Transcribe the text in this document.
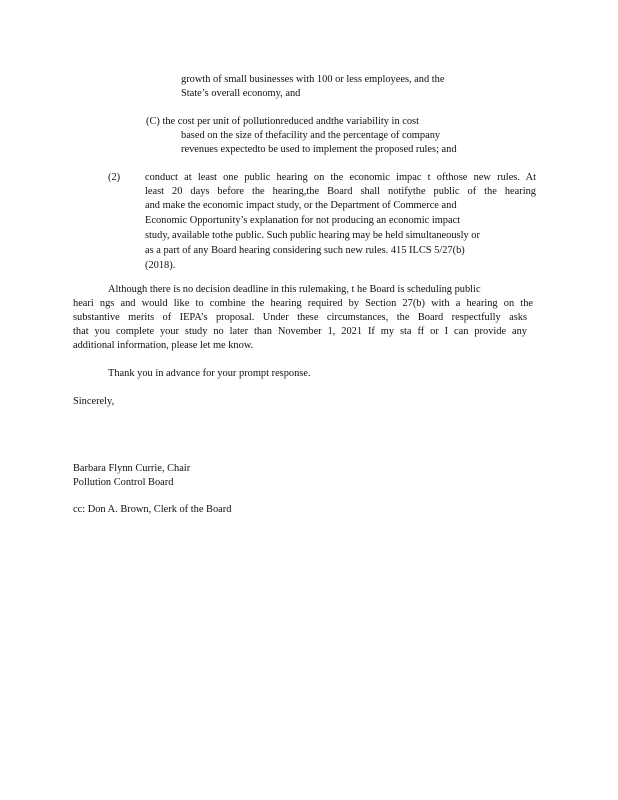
growth of small businesses with 100 or less employees, and the
State’s overall economy, and
(C) the cost per unit of pollutionreduced andthe variability in cost
based on the size of thefacility and the percentage of company
revenues expectedto be used to implement the proposed rules; and
(2) conduct at least one public hearing on the economic impac t ofthose new rules. At
least 20 days before the hearing,the Board shall notifythe public of the hearing
and make the economic impact study, or the Department of Commerce and
Economic Opportunity’s explanation for not producing an economic impact
study, available tothe public. Such public hearing may be held simultaneously or
as a part of any Board hearing considering such new rules. 415 ILCS 5/27(b)
(2018).
Although there is no decision deadline in this rulemaking, t he Board is scheduling public
heari ngs and would like to combine the hearing required by Section 27(b) with a hearing on the
substantive merits of IEPA’s proposal. Under these circumstances, the Board respectfully asks
that you complete your study no later than November 1, 2021 If my sta ff or I can provide any
additional information, please let me know.
Thank you in advance for your prompt response.
Sincerely,
Barbara Flynn Currie, Chair
Pollution Control Board
cc: Don A. Brown, Clerk of the Board
